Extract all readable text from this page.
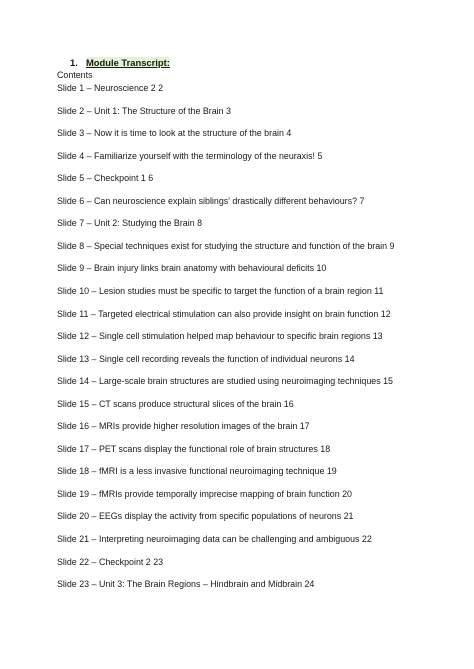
1. Module Transcript:
Contents
Slide 1 – Neuroscience 2 2
Slide 2 – Unit 1: The Structure of the Brain 3
Slide 3 – Now it is time to look at the structure of the brain 4
Slide 4 – Familiarize yourself with the terminology of the neuraxis! 5
Slide 5 – Checkpoint 1 6
Slide 6 – Can neuroscience explain siblings' drastically different behaviours? 7
Slide 7 – Unit 2: Studying the Brain 8
Slide 8 – Special techniques exist for studying the structure and function of the brain 9
Slide 9 – Brain injury links brain anatomy with behavioural deficits 10
Slide 10 – Lesion studies must be specific to target the function of a brain region 11
Slide 11 – Targeted electrical stimulation can also provide insight on brain function 12
Slide 12 – Single cell stimulation helped map behaviour to specific brain regions 13
Slide 13 – Single cell recording reveals the function of individual neurons 14
Slide 14 – Large-scale brain structures are studied using neuroimaging techniques 15
Slide 15 – CT scans produce structural slices of the brain 16
Slide 16 – MRIs provide higher resolution images of the brain 17
Slide 17 – PET scans display the functional role of brain structures 18
Slide 18 – fMRI is a less invasive functional neuroimaging technique 19
Slide 19 – fMRIs provide temporally imprecise mapping of brain function 20
Slide 20 – EEGs display the activity from specific populations of neurons 21
Slide 21 – Interpreting neuroimaging data can be challenging and ambiguous 22
Slide 22 – Checkpoint 2 23
Slide 23 – Unit 3: The Brain Regions – Hindbrain and Midbrain 24
